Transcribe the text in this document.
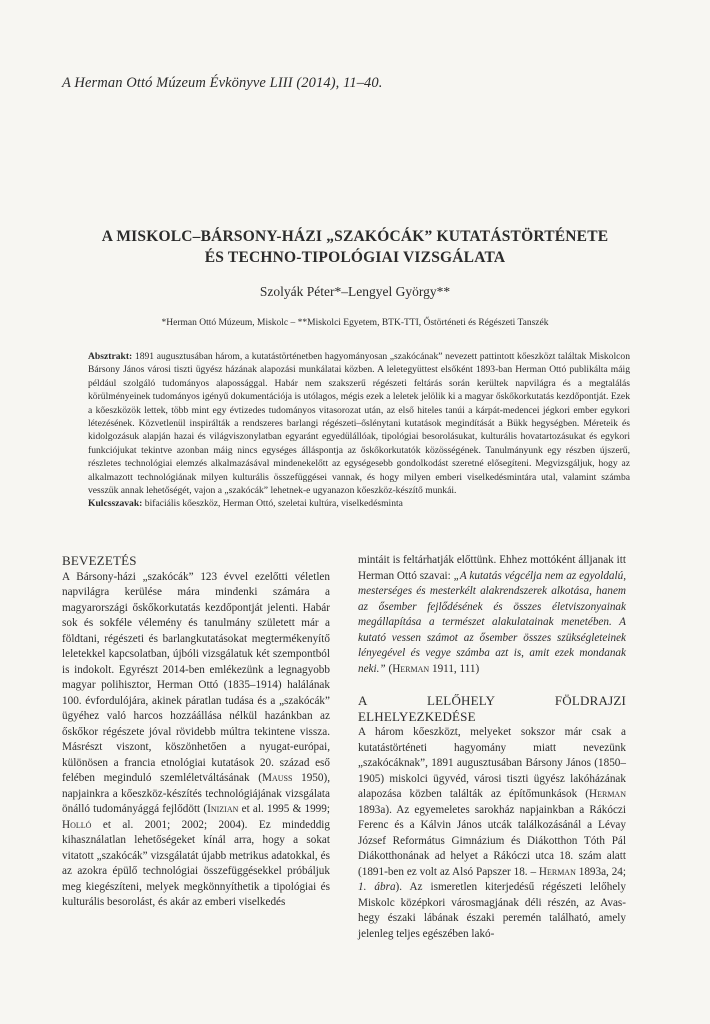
A Herman Ottó Múzeum Évkönyve LIII (2014), 11–40.
A MISKOLC–BÁRSONY-HÁZI „SZAKÓCÁK” KUTATÁSTÖRTÉNETE
ÉS TECHNO-TIPOLÓGIAI VIZSGÁLATA
Szolyák Péter*–Lengyel György**
*Herman Ottó Múzeum, Miskolc – **Miskolci Egyetem, BTK-TTI, Őstörténeti és Régészeti Tanszék

Absztrakt: 1891 augusztusában három, a kutatástörténetben hagyományosan „szakócának” nevezett pattintott kőeszközt találtak Miskolcon Bársony János városi tiszti ügyész házának alapozási munkálatai közben. A leletegyüttest elsőként 1893-ban Herman Ottó publikálta máig például szolgáló tudományos alapossággal. Habár nem szakszerű régészeti feltárás során kerültek napvilágra és a megtalálás körülményeinek tudományos igényű dokumentációja is utólagos, mégis ezek a leletek jelölik ki a magyar őskőkorkutatás kezdőpontját. Ezek a kőeszközök lettek, több mint egy évtizedes tudományos vitasorozat után, az első hiteles tanúi a kárpát-medencei jégkori ember egykori létezésének. Közvetlenül inspirálták a rendszeres barlangi régészeti–őslénytani kutatások megindítását a Bükk hegységben. Méreteik és kidolgozásuk alapján hazai és világviszonylatban egyaránt egyedülállóak, tipológiai besorolásukat, kulturális hovatartozásukat és egykori funkciójukat tekintve azonban máig nincs egységes álláspontja az őskőkorkutatók közösségének. Tanulmányunk egy részben újszerű, részletes technológiai elemzés alkalmazásával mindenekelőtt az egységesebb gondolkodást szeretné elősegíteni. Megvizsgáljuk, hogy az alkalmazott technológiának milyen kulturális összefüggései vannak, és hogy milyen emberi viselkedésmintára utal, valamint számba vesszük annak lehetőségét, vajon a „szakócák” lehetnek-e ugyanazon kőeszköz-készítő munkái.

Kulcsszavak: bifaciális kőeszköz, Herman Ottó, szeletai kultúra, viselkedésminta

BEVEZETÉS

A Bársony-házi „szakócák” 123 évvel ezelőtti véletlen napvilágra kerülése mára mindenki számára a magyarországi őskőkorkutatás kezdőpontját jelenti. Habár sok és sokféle vélemény és tanulmány született már a földtani, régészeti és barlangkutatásokat megtermékenyítő leletekkel kapcsolatban, újbóli vizsgálatuk két szempontból is indokolt. Egyrészt 2014-ben emlékezünk a legnagyobb magyar polihisztor, Herman Ottó (1835–1914) halálának 100. évfordulójára, akinek páratlan tudása és a „szakócák” ügyéhez való harcos hozzáállása nélkül hazánkban az őskőkor régészete jóval rövidebb múltra tekintene vissza. Másrészt viszont, köszönhetően a nyugat-európai, különösen a francia etnológiai kutatások 20. század eső felében meginduló szemléletváltásának (Mauss 1950), napjainkra a kőeszköz-készítés technológiájának vizsgálata önálló tudományággá fejlődött (Inizian et al. 1995 & 1999; Holló et al. 2001; 2002; 2004). Ez mindeddig kihasználatlan lehetőségeket kínál arra, hogy a sokat vitatott „szakócák” vizsgálatát újabb metrikus adatokkal, és az azokra épülő technológiai összefüggésekkel próbáljuk meg kiegészíteni, melyek megkönnyíthetik a tipológiai és kulturális besorolást, és akár az emberi viselkedés

mintáit is feltárhatják előttünk. Ehhez mottóként álljanak itt Herman Ottó szavai: „A kutatás végcélja nem az egyoldalú, mesterséges és mesterkélt alakrendszerek alkotása, hanem az ősember fejlődésének és összes életviszonyainak megállapítása a természet alakulatainak menetében. A kutató vessen számot az ősember összes szükségleteinek lényegével és vegye számba azt is, amit ezek mondanak neki.” (Herman 1911, 111)

A LELŐHELY FÖLDRAJZI ELHELYEZKEDÉSE

A három kőeszközt, melyeket sokszor már csak a kutatástörténeti hagyomány miatt nevezünk „szakócáknak”, 1891 augusztusában Bársony János (1850–1905) miskolci ügyvéd, városi tiszti ügyész lakóházának alapozása közben találták az építőmunkások (Herman 1893a). Az egyemeletes sarokház napjainkban a Rákóczi Ferenc és a Kálvin János utcák találkozásánál a Lévay József Református Gimnázium és Diákotthon Tóth Pál Diákotthonának ad helyet a Rákóczi utca 18. szám alatt (1891-ben ez volt az Alsó Papszer 18. – Herman 1893a, 24; 1. ábra). Az ismeretlen kiterjedésű régészeti lelőhely Miskolc középkori városmagjának déli részén, az Avas-hegy északi lábának északi peremén található, amely jelenleg teljes egészében lakó-
